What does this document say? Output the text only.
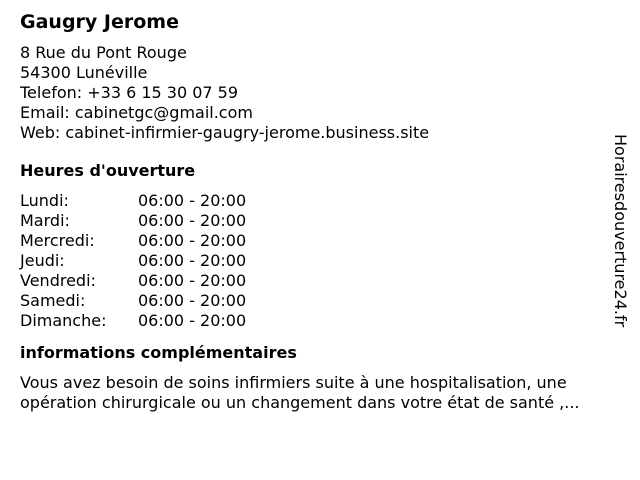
Gaugry Jerome
8 Rue du Pont Rouge
54300 Lunéville
Telefon: +33 6 15 30 07 59
Email: cabinetgc@gmail.com
Web: cabinet-infirmier-gaugry-jerome.business.site
Heures d'ouverture
Lundi:	06:00 - 20:00
Mardi:	06:00 - 20:00
Mercredi:	06:00 - 20:00
Jeudi:	06:00 - 20:00
Vendredi:	06:00 - 20:00
Samedi:	06:00 - 20:00
Dimanche:	06:00 - 20:00
informations complémentaires
Vous avez besoin de soins infirmiers suite à une hospitalisation, une opération chirurgicale ou un changement dans votre état de santé ,...
Horairesdouverture24.fr
